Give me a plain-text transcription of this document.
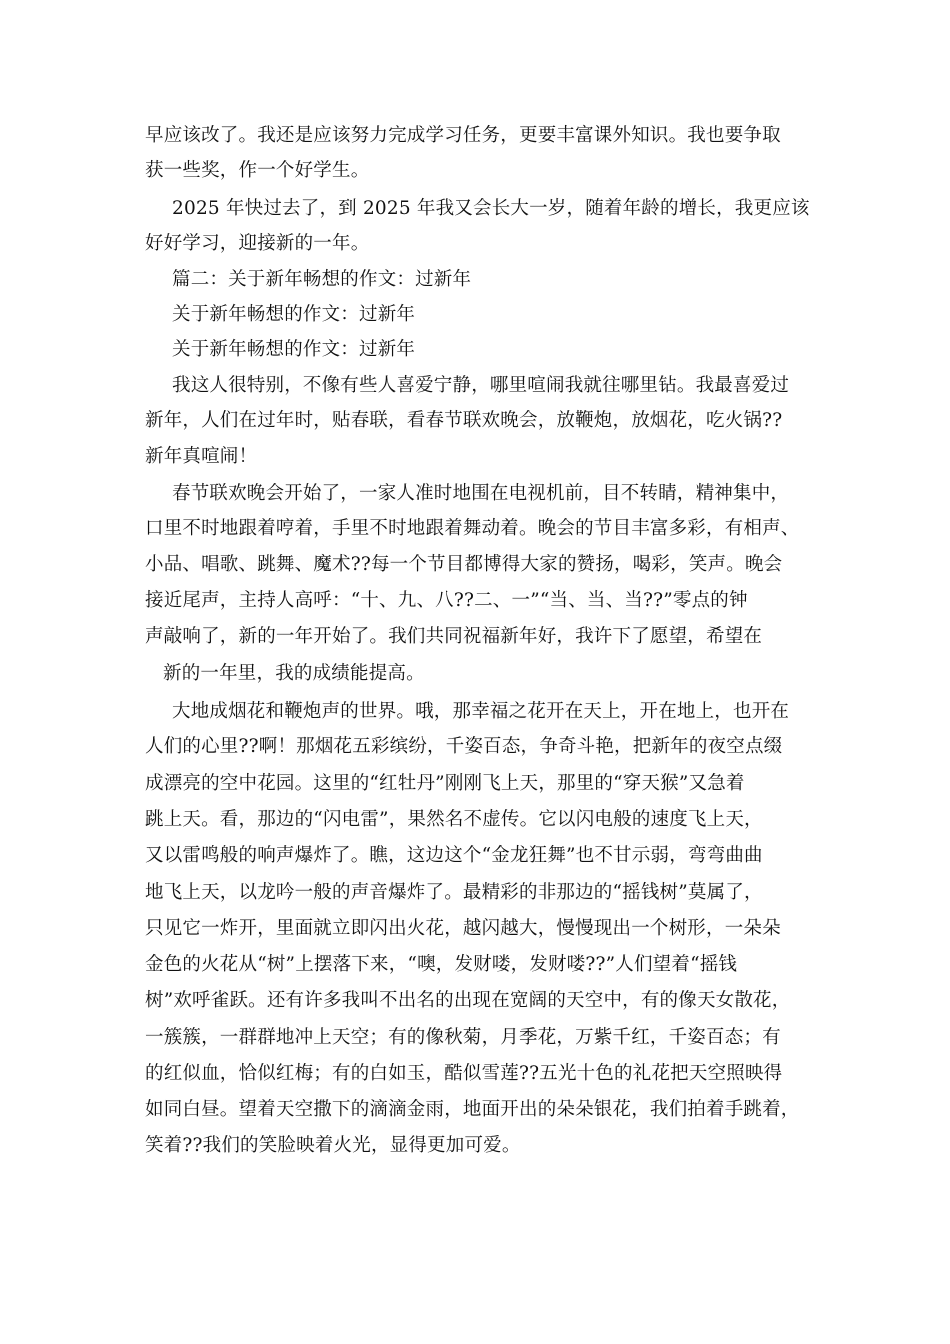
早应该改了。我还是应该努力完成学习任务，更要丰富课外知识。我也要争取
获一些奖，作一个好学生。
2025 年快过去了，到 2025 年我又会长大一岁，随着年龄的增长，我更应该
好好学习，迎接新的一年。
篇二：关于新年畅想的作文：过新年
关于新年畅想的作文：过新年
关于新年畅想的作文：过新年
我这人很特别，不像有些人喜爱宁静，哪里喧闹我就往哪里钻。我最喜爱过
新年，人们在过年时，贴春联，看春节联欢晚会，放鞭炮，放烟花，吃火锅??
新年真喧闹！
春节联欢晚会开始了，一家人准时地围在电视机前，目不转睛，精神集中，
口里不时地跟着哼着，手里不时地跟着舞动着。晚会的节目丰富多彩，有相声、
小品、唱歌、跳舞、魔术??每一个节目都博得大家的赞扬，喝彩，笑声。晚会
接近尾声，主持人高呼：“十、九、八??二、一”“当、当、当??”零点的钟
声敲响了，新的一年开始了。我们共同祝福新年好，我许下了愿望，希望在
新的一年里，我的成绩能提高。
大地成烟花和鞭炮声的世界。哦，那幸福之花开在天上，开在地上，也开在
人们的心里??啊！那烟花五彩缤纷，千姿百态，争奇斗艳，把新年的夜空点缀
成漂亮的空中花园。这里的“红牡丹”刚刚飞上天，那里的“穿天猴”又急着
跳上天。看，那边的“闪电雷”，果然名不虚传。它以闪电般的速度飞上天，
又以雷鸣般的响声爆炸了。瞧，这边这个“金龙狂舞”也不甘示弱，弯弯曲曲
地飞上天，以龙吟一般的声音爆炸了。最精彩的非那边的“摇钱树”莫属了，
只见它一炸开，里面就立即闪出火花，越闪越大，慢慢现出一个树形，一朵朵
金色的火花从“树”上摆落下来，“噢，发财喽，发财喽??”人们望着“摇钱
树”欢呼雀跃。还有许多我叫不出名的出现在宽阔的天空中，有的像天女散花，
一簇簇，一群群地冲上天空；有的像秋菊，月季花，万紫千红，千姿百态；有
的红似血，恰似红梅；有的白如玉，酷似雪莲??五光十色的礼花把天空照映得
如同白昼。望着天空撒下的滴滴金雨，地面开出的朵朵银花，我们拍着手跳着，
笑着??我们的笑脸映着火光，显得更加可爱。
